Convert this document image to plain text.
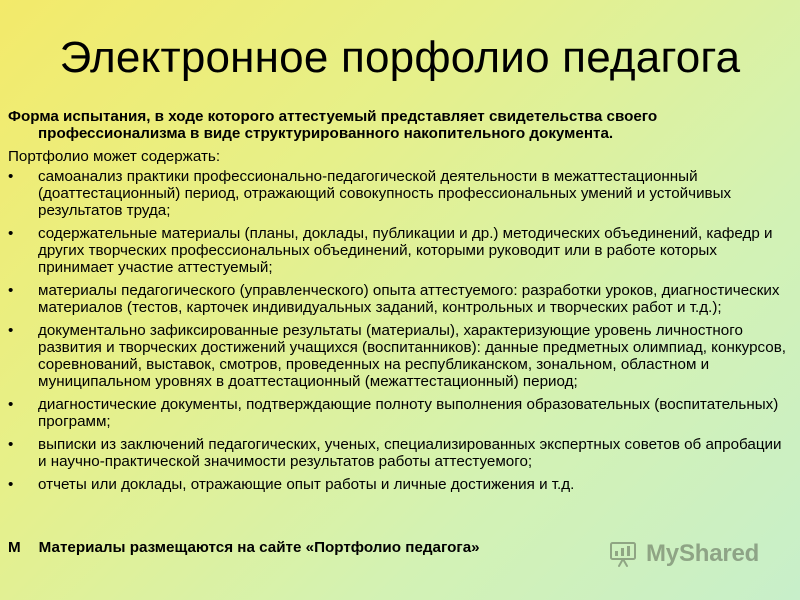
Электронное порфолио педагога

Форма испытания, в ходе которого аттестуемый представляет свидетельства своего профессионализма в виде структурированного накопительного документа.

Портфолио может содержать:

• самоанализ практики профессионально-педагогической деятельности в межаттестационный (доаттестационный) период, отражающий совокупность профессиональных умений и устойчивых результатов труда;
• содержательные материалы (планы, доклады, публикации и др.) методических объединений, кафедр и других творческих профессиональных объединений, которыми руководит или в работе которых принимает участие аттестуемый;
• материалы педагогического (управленческого) опыта аттестуемого: разработки уроков, диагностических материалов (тестов, карточек индивидуальных заданий, контрольных и творческих работ и т.д.);
• документально зафиксированные результаты (материалы), характеризующие уровень личностного развития и творческих достижений учащихся (воспитанников): данные предметных олимпиад, конкурсов, соревнований, выставок, смотров, проведенных на республиканском, зональном, областном и муниципальном уровнях в доаттестационный (межаттестационный) период;
• диагностические документы, подтверждающие полноту выполнения образовательных (воспитательных) программ;
• выписки из заключений педагогических, ученых, специализированных экспертных советов об апробации и научно-практической значимости результатов работы аттестуемого;
• отчеты или доклады, отражающие опыт работы и личные достижения и т.д.
М Материалы размещаются на сайте «Портфолио педагога»	MyShared
